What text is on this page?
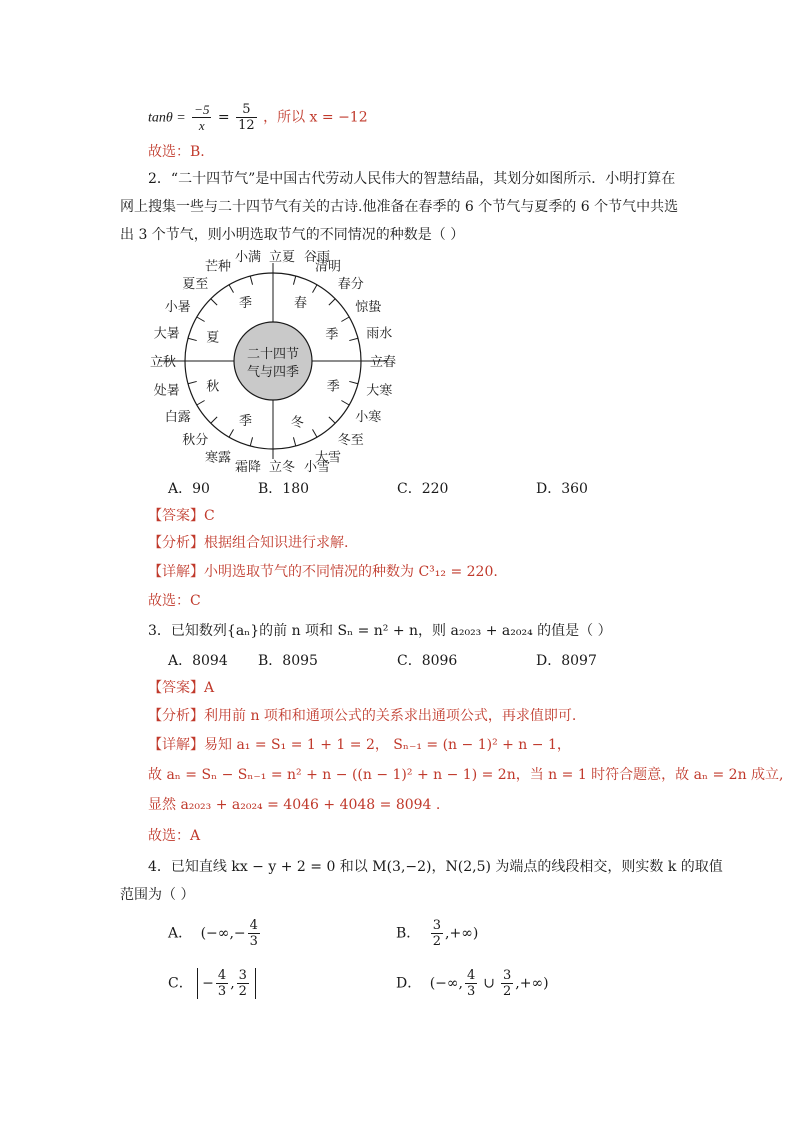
$\tan\theta = \frac{-5}{x} = \frac{5}{12}$ ，所以 x = −12
故选：B.
2．“二十四节气”是中国古代劳动人民伟大的智慧结晶，其划分如图所示．小明打算在
网上搜集一些与二十四节气有关的古诗.他准备在春季的 6 个节气与夏季的 6 个节气中共选
出 3 个节气，则小明选取节气的不同情况的种数是（ ）
二十四节
气与四季
春
季
冬
季
秋
季
夏
季
立夏 谷雨
清明
春分
惊蛰
雨水
立春
大寒
小寒
冬至
大雪
小雪
立冬
霜降
寒露
秋分
白露
处暑
立秋
大暑
小暑
夏至
芒种
小满
A．90	B．180	C．220	D．360
【答案】C
【分析】根据组合知识进行求解.
【详解】小明选取节气的不同情况的种数为 C³₁₂ = 220.
故选：C
3．已知数列{aₙ}的前 n 项和 Sₙ = n² + n，则 a₂₀₂₃ + a₂₀₂₄ 的值是（ ）
A．8094 B．8095	C．8096	D．8097
【答案】A
【分析】利用前 n 项和和通项公式的关系求出通项公式，再求值即可.
【详解】易知 a₁ = S₁ = 1 + 1 = 2， Sₙ₋₁ = (n − 1)² + n − 1，
故 aₙ = Sₙ − Sₙ₋₁ = n² + n − ((n − 1)² + n − 1) = 2n，当 n = 1 时符合题意，故 aₙ = 2n 成立,
显然 a₂₀₂₃ + a₂₀₂₄ = 4046 + 4048 = 8094 .
故选：A
4．已知直线 kx − y + 2 = 0 和以 M(3,−2)，N(2,5) 为端点的线段相交，则实数 k 的取值
范围为（ ）
A． (−∞,− $\frac{4}{3}$	B． $\frac{3}{2}$ ,+∞)
C． − $\frac{4}{3}$ , $\frac{3}{2}$	D． (−∞, $\frac{4}{3}$ ∪ $\frac{3}{2}$ ,+∞)
